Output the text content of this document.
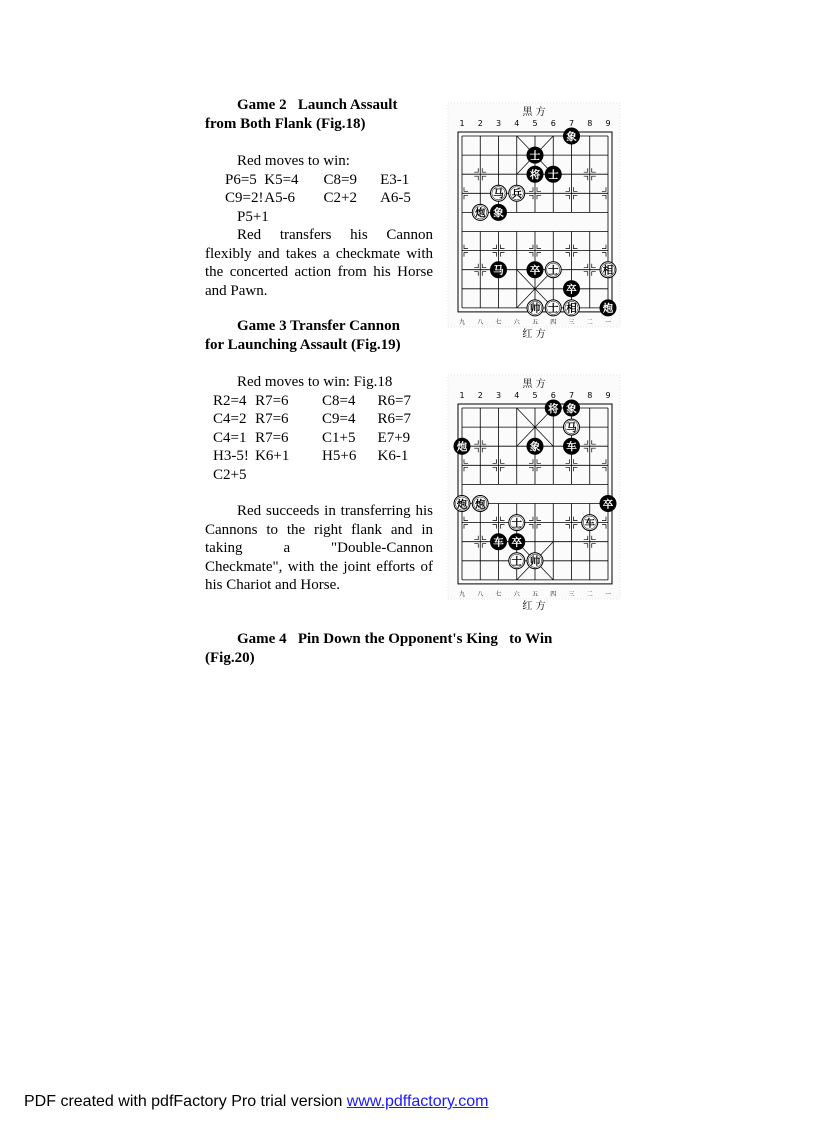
Game 2   Launch Assault
from Both Flank (Fig.18)

Red moves to win:

P6=5 K5=4	C8=9	E3-1
C9=2! A5-6	C2+2	A6-5
P5+1

Red transfers his Cannon flexibly and takes a checkmate with the concerted action from his Horse and Pawn.

黑 方
1 2 3 4 5 6 7 8 9
九 八 七 六 五 四 三 二 一
红 方
象
士
将 士
马 兵
炮 象
马 卒 士	相
卒
帅 士 相 炮

Game 3 Transfer Cannon
for Launching Assault (Fig.19)

Red moves to win: Fig.18

R2=4 R7=6	C8=4	R6=7
C4=2 R7=6	C9=4	R6=7
C4=1 R7=6	C1+5	E7+9
H3-5! K6+1	H5+6	K6-1
C2+5

Red succeeds in transferring his Cannons to the right flank and in taking a "Double-Cannon Checkmate", with the joint efforts of his Chariot and Horse.

黑 方
1 2 3 4 5 6 7 8 9
九 八 七 六 五 四 三 二 一
红 方
将 象
马
炮	象 车
炮 炮	卒
士	车
车 卒
士 帅

Game 4   Pin Down the Opponent's King   to Win
(Fig.20)

PDF created with pdfFactory Pro trial version www.pdffactory.com
